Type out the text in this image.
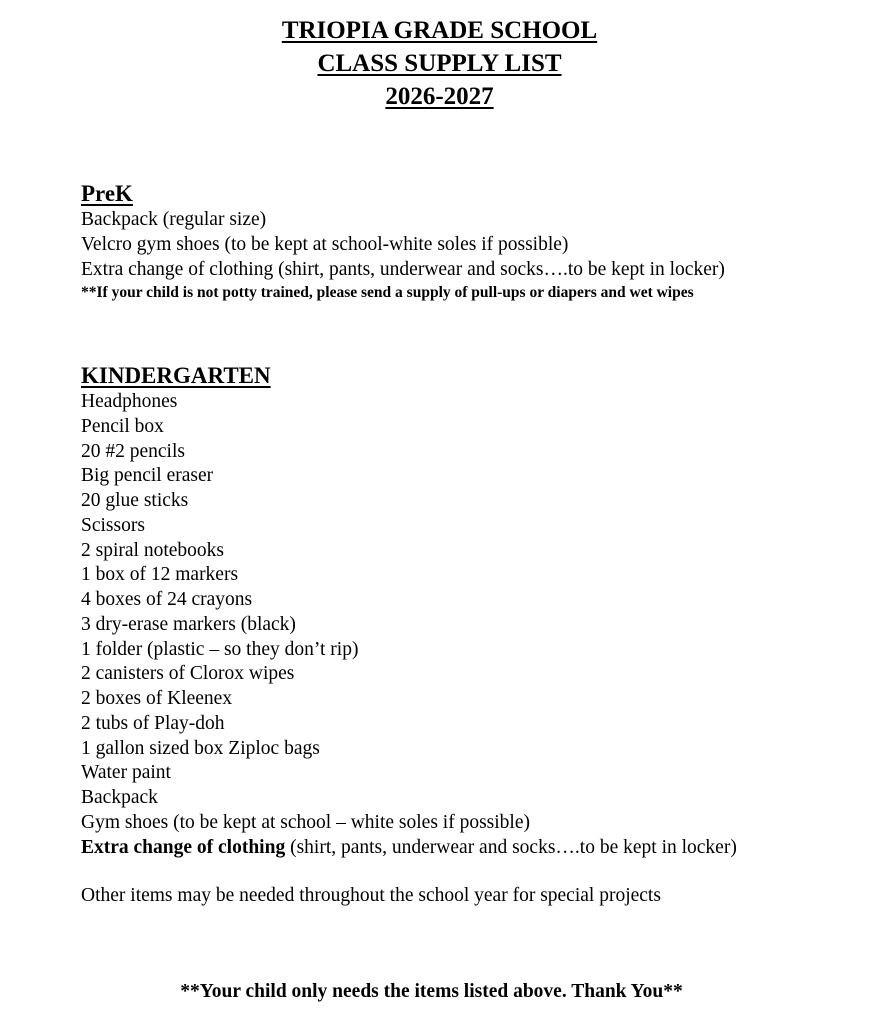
TRIOPIA GRADE SCHOOL
CLASS SUPPLY LIST
2026-2027
PreK
Backpack (regular size)
Velcro gym shoes (to be kept at school-white soles if possible)
Extra change of clothing (shirt, pants, underwear and socks….to be kept in locker)
**If your child is not potty trained, please send a supply of pull-ups or diapers and wet wipes
KINDERGARTEN
Headphones
Pencil box
20 #2 pencils
Big pencil eraser
20 glue sticks
Scissors
2 spiral notebooks
1 box of 12 markers
4 boxes of 24 crayons
3 dry-erase markers (black)
1 folder (plastic – so they don’t rip)
2 canisters of Clorox wipes
2 boxes of Kleenex
2 tubs of Play-doh
1 gallon sized box Ziploc bags
Water paint
Backpack
Gym shoes (to be kept at school – white soles if possible)
Extra change of clothing (shirt, pants, underwear and socks….to be kept in locker)
Other items may be needed throughout the school year for special projects
**Your child only needs the items listed above. Thank You**
